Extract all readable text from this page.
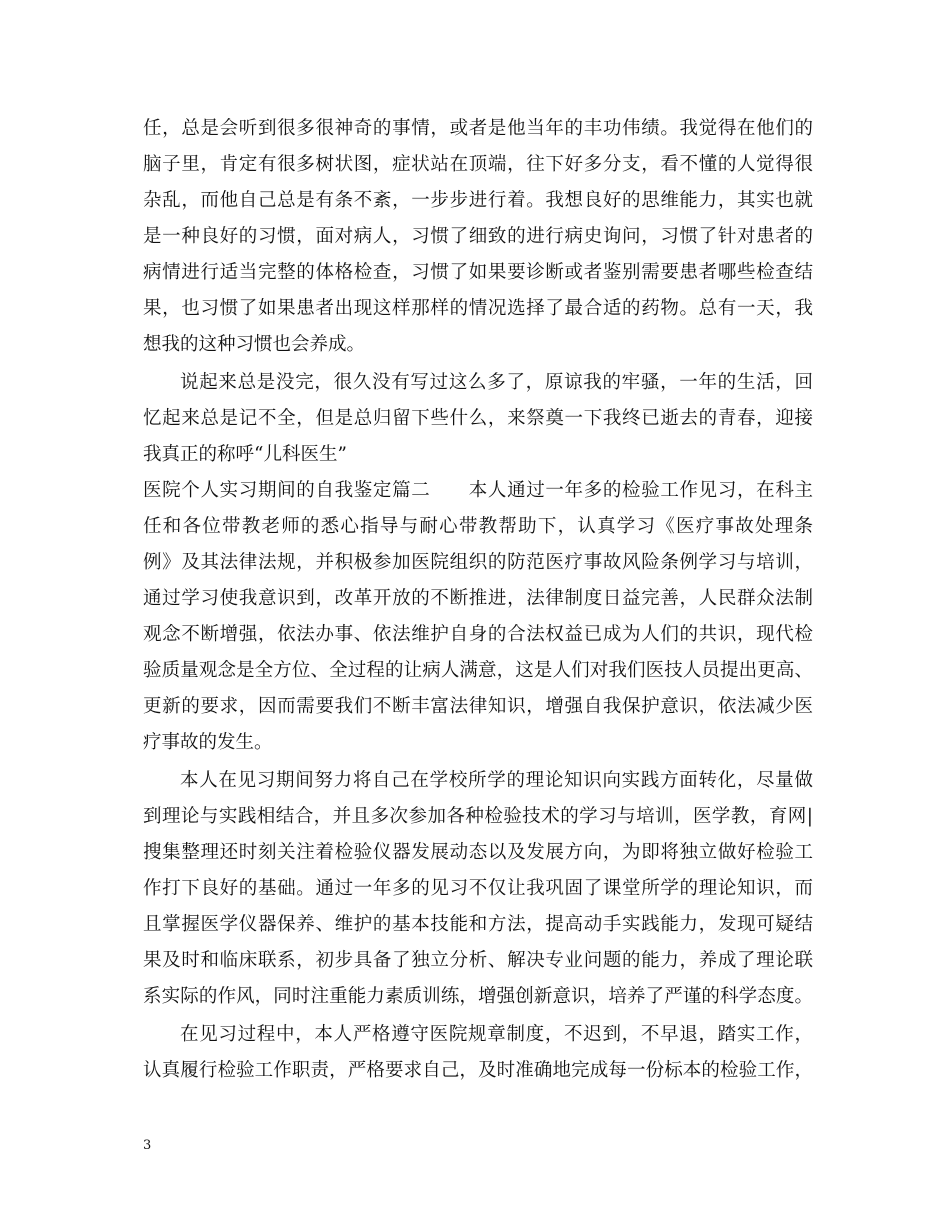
任，总是会听到很多很神奇的事情，或者是他当年的丰功伟绩。我觉得在他们的
脑子里，肯定有很多树状图，症状站在顶端，往下好多分支，看不懂的人觉得很
杂乱，而他自己总是有条不紊，一步步进行着。我想良好的思维能力，其实也就
是一种良好的习惯，面对病人，习惯了细致的进行病史询问，习惯了针对患者的
病情进行适当完整的体格检查，习惯了如果要诊断或者鉴别需要患者哪些检查结
果，也习惯了如果患者出现这样那样的情况选择了最合适的药物。总有一天，我
想我的这种习惯也会养成。
说起来总是没完，很久没有写过这么多了，原谅我的牢骚，一年的生活，回
忆起来总是记不全，但是总归留下些什么，来祭奠一下我终已逝去的青春，迎接
我真正的称呼“儿科医生”
医院个人实习期间的自我鉴定篇二　　本人通过一年多的检验工作见习，在科主
任和各位带教老师的悉心指导与耐心带教帮助下，认真学习《医疗事故处理条
例》及其法律法规，并积极参加医院组织的防范医疗事故风险条例学习与培训，
通过学习使我意识到，改革开放的不断推进，法律制度日益完善，人民群众法制
观念不断增强，依法办事、依法维护自身的合法权益已成为人们的共识，现代检
验质量观念是全方位、全过程的让病人满意，这是人们对我们医技人员提出更高、
更新的要求，因而需要我们不断丰富法律知识，增强自我保护意识，依法减少医
疗事故的发生。
本人在见习期间努力将自己在学校所学的理论知识向实践方面转化，尽量做
到理论与实践相结合，并且多次参加各种检验技术的学习与培训，医学教，育网|
搜集整理还时刻关注着检验仪器发展动态以及发展方向，为即将独立做好检验工
作打下良好的基础。通过一年多的见习不仅让我巩固了课堂所学的理论知识，而
且掌握医学仪器保养、维护的基本技能和方法，提高动手实践能力，发现可疑结
果及时和临床联系，初步具备了独立分析、解决专业问题的能力，养成了理论联
系实际的作风，同时注重能力素质训练，增强创新意识，培养了严谨的科学态度。
在见习过程中，本人严格遵守医院规章制度，不迟到，不早退，踏实工作，
认真履行检验工作职责，严格要求自己，及时准确地完成每一份标本的检验工作，
3
